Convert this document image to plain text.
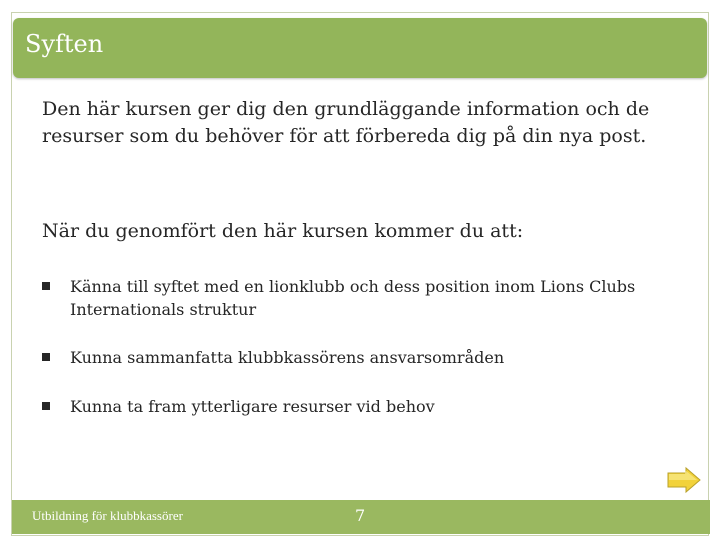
Syften
Den här kursen ger dig den grundläggande information och de resurser som du behöver för att förbereda dig på din nya post.
När du genomfört den här kursen kommer du att:
Känna till syftet med en lionklubb och dess position inom Lions Clubs Internationals struktur
Kunna sammanfatta klubbkassörens ansvarsområden
Kunna ta fram ytterligare resurser vid behov
Utbildning för klubbkassörer	7
